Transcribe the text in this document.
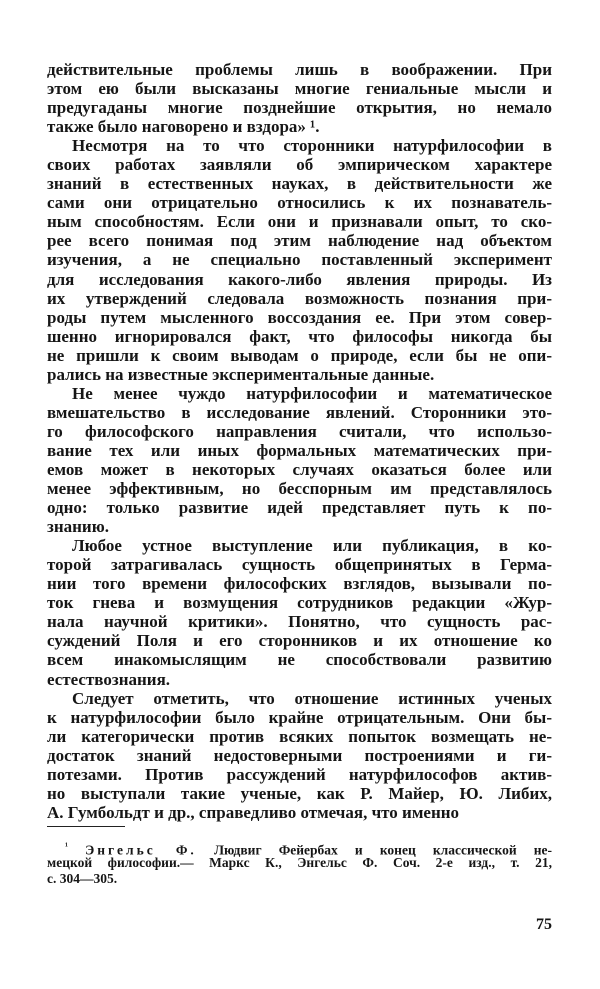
действительные проблемы лишь в воображении. При
этом ею были высказаны многие гениальные мысли и
предугаданы многие позднейшие открытия, но немало
также было наговорено и вздора» ¹.
Несмотря на то что сторонники натурфилософии в
своих работах заявляли об эмпирическом характере
знаний в естественных науках, в действительности же
сами они отрицательно относились к их познаватель-
ным способностям. Если они и признавали опыт, то ско-
рее всего понимая под этим наблюдение над объектом
изучения, а не специально поставленный эксперимент
для исследования какого-либо явления природы. Из
их утверждений следовала возможность познания при-
роды путем мысленного воссоздания ее. При этом совер-
шенно игнорировался факт, что философы никогда бы
не пришли к своим выводам о природе, если бы не опи-
рались на известные экспериментальные данные.
Не менее чуждо натурфилософии и математическое
вмешательство в исследование явлений. Сторонники это-
го философского направления считали, что использо-
вание тех или иных формальных математических при-
емов может в некоторых случаях оказаться более или
менее эффективным, но бесспорным им представлялось
одно: только развитие идей представляет путь к по-
знанию.
Любое устное выступление или публикация, в ко-
торой затрагивалась сущность общепринятых в Герма-
нии того времени философских взглядов, вызывали по-
ток гнева и возмущения сотрудников редакции «Жур-
нала научной критики». Понятно, что сущность рас-
суждений Поля и его сторонников и их отношение ко
всем инакомыслящим не способствовали развитию
естествознания.
Следует отметить, что отношение истинных ученых
к натурфилософии было крайне отрицательным. Они бы-
ли категорически против всяких попыток возмещать не-
достаток знаний недостоверными построениями и ги-
потезами. Против рассуждений натурфилософов актив-
но выступали такие ученые, как Р. Майер, Ю. Либих,
А. Гумбольдт и др., справедливо отмечая, что именно
$^{^1}$ Энгельс Ф. Людвиг Фейербах и конец классической не-
мецкой философии.— Маркс К., Энгельс Ф. Соч. 2-е изд., т. 21,
с. 304—305.
75
